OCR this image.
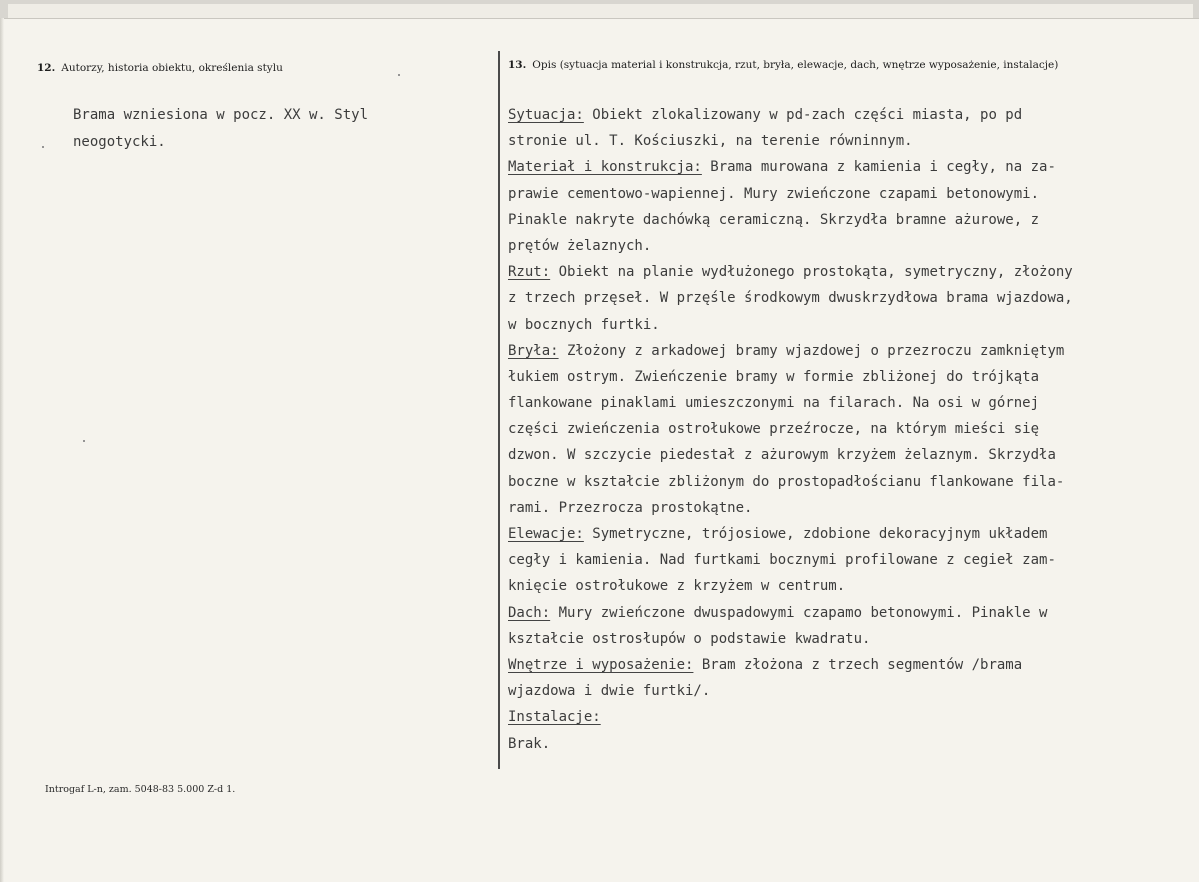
12. Autorzy, historia obiektu, określenia stylu	13. Opis (sytuacja material i konstrukcja, rzut, bryła, elewacje, dach, wnętrze wyposażenie, instalacje)
Brama wzniesiona w pocz. XX w. Styl
neogotycki.
Sytuacja: Obiekt zlokalizowany w pd-zach części miasta, po pd
stronie ul. T. Kościuszki, na terenie równinnym.
Materiał i konstrukcja: Brama murowana z kamienia i cegły, na za-
prawie cementowo-wapiennej. Mury zwieńczone czapami betonowymi.
Pinakle nakryte dachówką ceramiczną. Skrzydła bramne ażurowe, z
prętów żelaznych.
Rzut: Obiekt na planie wydłużonego prostokąta, symetryczny, złożony
z trzech przęseł. W przęśle środkowym dwuskrzydłowa brama wjazdowa,
w bocznych furtki.
Bryła: Złożony z arkadowej bramy wjazdowej o przezroczu zamkniętym
łukiem ostrym. Zwieńczenie bramy w formie zbliżonej do trójkąta
flankowane pinaklami umieszczonymi na filarach. Na osi w górnej
części zwieńczenia ostrołukowe przeźrocze, na którym mieści się
dzwon. W szczycie piedestał z ażurowym krzyżem żelaznym. Skrzydła
boczne w kształcie zbliżonym do prostopadłościanu flankowane fila-
rami. Przezrocza prostokątne.
Elewacje: Symetryczne, trójosiowe, zdobione dekoracyjnym układem
cegły i kamienia. Nad furtkami bocznymi profilowane z cegieł zam-
knięcie ostrołukowe z krzyżem w centrum.
Dach: Mury zwieńczone dwuspadowymi czapamo betonowymi. Pinakle w
kształcie ostrosłupów o podstawie kwadratu.
Wnętrze i wyposażenie: Bram złożona z trzech segmentów /brama
wjazdowa i dwie furtki/.
Instalacje:
Brak.
Introgaf L-n, zam. 5048-83 5.000 Z-d 1.
